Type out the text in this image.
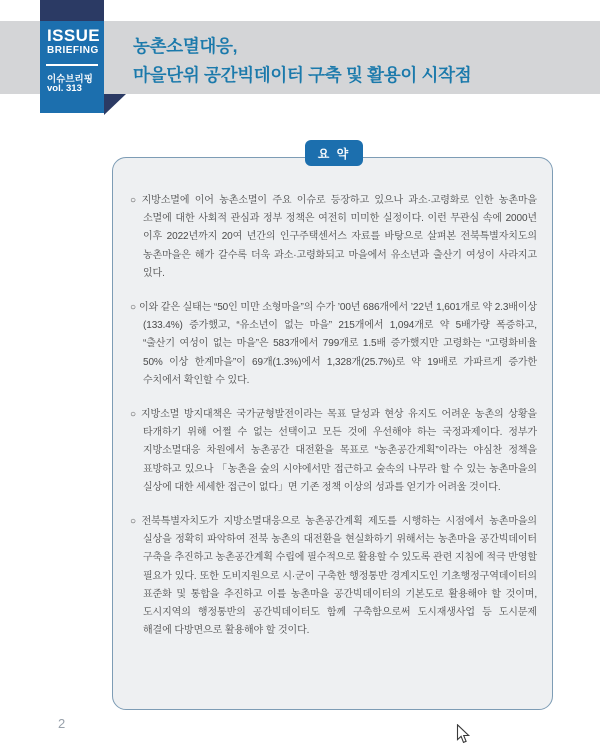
ISSUE
BRIEFING
이슈브리핑
vol. 313
농촌소멸대응,
마을단위 공간빅데이터 구축 및 활용이 시작점
요 약

○ 지방소멸에 이어 농촌소멸이 주요 이슈로 등장하고 있으나 과소·고령화로 인한 농촌마을 소멸에 대한 사회적 관심과 정부 정책은 여전히 미미한 실정이다. 이런 무관심 속에 2000년 이후 2022년까지 20여 년간의 인구주택센서스 자료를 바탕으로 살펴본 전북특별자치도의 농촌마을은 해가 갈수록 더욱 과소·고령화되고 마을에서 유소년과 출산기 여성이 사라지고 있다.

○ 이와 같은 실태는 “50인 미만 소형마을”의 수가 ’00년 686개에서 ’22년 1,601개로 약 2.3배이상(133.4%) 증가했고, “유소년이 없는 마을” 215개에서 1,094개로 약 5배가량 폭증하고, “출산기 여성이 없는 마을”은 583개에서 799개로 1.5배 증가했지만 고령화는 “고령화비율 50% 이상 한계마을”이 69개(1.3%)에서 1,328개(25.7%)로 약 19배로 가파르게 증가한 수치에서 확인할 수 있다.

○ 지방소멸 방지대책은 국가균형발전이라는 목표 달성과 현상 유지도 어려운 농촌의 상황을 타개하기 위해 어쩔 수 없는 선택이고 모든 것에 우선해야 하는 국정과제이다. 정부가 지방소멸대응 차원에서 농촌공간 대전환을 목표로 “농촌공간계획”이라는 야심찬 정책을 표방하고 있으나 「농촌을 숲의 시야에서만 접근하고 숲속의 나무라 할 수 있는 농촌마을의 실상에 대한 세세한 접근이 없다」면 기존 정책 이상의 성과를 얻기가 어려울 것이다.

○ 전북특별자치도가 지방소멸대응으로 농촌공간계획 제도를 시행하는 시점에서 농촌마을의 실상을 정확히 파악하여 전북 농촌의 대전환을 현실화하기 위해서는 농촌마을 공간빅데이터 구축을 추진하고 농촌공간계획 수립에 필수적으로 활용할 수 있도록 관련 지침에 적극 반영할 필요가 있다. 또한 도비지원으로 시·군이 구축한 행정통반 경계지도인 기초행정구역데이터의 표준화 및 통합을 추진하고 이를 농촌마을 공간빅데이터의 기본도로 활용해야 할 것이며, 도시지역의 행정통반의 공간빅데이터도 함께 구축함으로써 도시재생사업 등 도시문제 해결에 다방면으로 활용해야 할 것이다.

2
